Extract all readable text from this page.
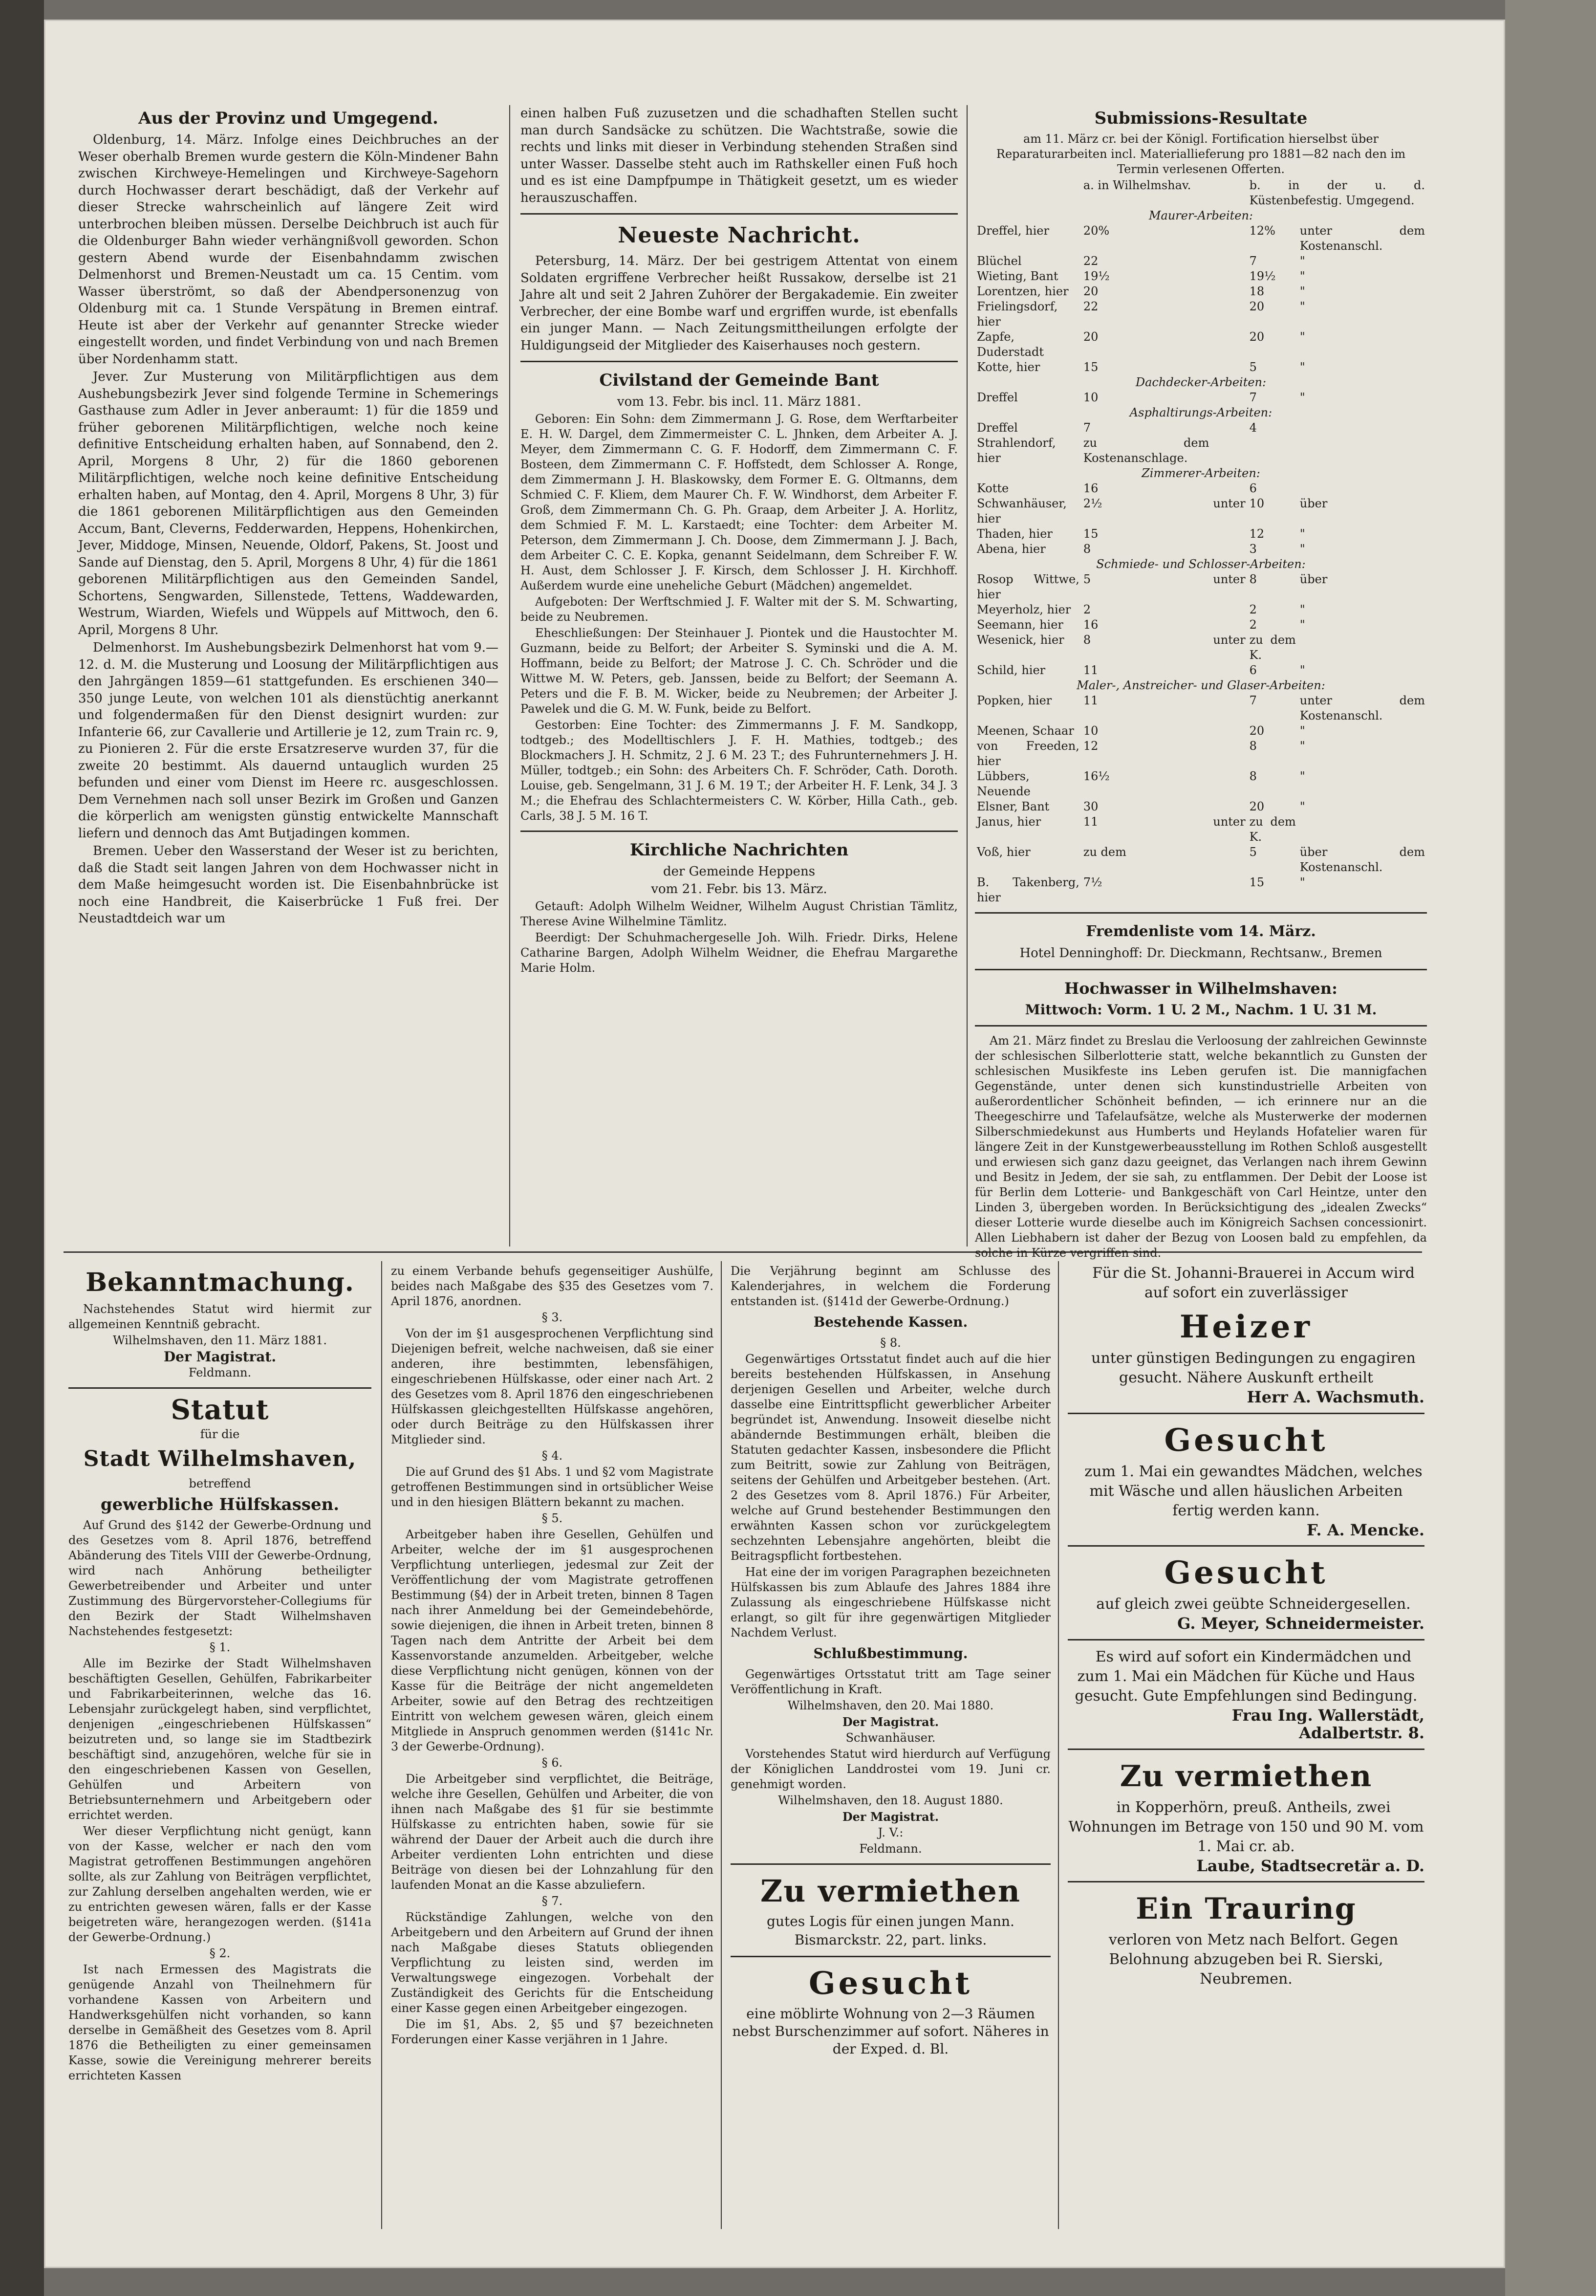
Aus der Provinz und Umgegend.

Oldenburg, 14. März. Infolge eines Deichbruches an der Weser oberhalb Bremen wurde gestern die Köln-Mindener Bahn zwischen Kirchweye-Hemelingen und Kirchweye-Sagehorn durch Hochwasser derart beschädigt, daß der Verkehr auf dieser Strecke wahrscheinlich auf längere Zeit wird unterbrochen bleiben müssen. Derselbe Deichbruch ist auch für die Oldenburger Bahn wieder verhängnißvoll geworden. Schon gestern Abend wurde der Eisenbahndamm zwischen Delmenhorst und Bremen-Neustadt um ca. 15 Centim. vom Wasser überströmt, so daß der Abendpersonenzug von Oldenburg mit ca. 1 Stunde Verspätung in Bremen eintraf. Heute ist aber der Verkehr auf genannter Strecke wieder eingestellt worden, und findet Verbindung von und nach Bremen über Nordenhamm statt.

Jever. Zur Musterung von Militärpflichtigen aus dem Aushebungsbezirk Jever sind folgende Termine in Schemerings Gasthause zum Adler in Jever anberaumt: 1) für die 1859 und früher geborenen Militärpflichtigen, welche noch keine definitive Entscheidung erhalten haben, auf Sonnabend, den 2. April, Morgens 8 Uhr, 2) für die 1860 geborenen Militärpflichtigen, welche noch keine definitive Entscheidung erhalten haben, auf Montag, den 4. April, Morgens 8 Uhr, 3) für die 1861 geborenen Militärpflichtigen aus den Gemeinden Accum, Bant, Cleverns, Fedderwarden, Heppens, Hohenkirchen, Jever, Middoge, Minsen, Neuende, Oldorf, Pakens, St. Joost und Sande auf Dienstag, den 5. April, Morgens 8 Uhr, 4) für die 1861 geborenen Militärpflichtigen aus den Gemeinden Sandel, Schortens, Sengwarden, Sillenstede, Tettens, Waddewarden, Westrum, Wiarden, Wiefels und Wüppels auf Mittwoch, den 6. April, Morgens 8 Uhr.

Delmenhorst. Im Aushebungsbezirk Delmenhorst hat vom 9.—12. d. M. die Musterung und Loosung der Militärpflichtigen aus den Jahrgängen 1859—61 stattgefunden. Es erschienen 340—350 junge Leute, von welchen 101 als dienstüchtig anerkannt und folgendermaßen für den Dienst designirt wurden: zur Infanterie 66, zur Cavallerie und Artillerie je 12, zum Train rc. 9, zu Pionieren 2. Für die erste Ersatzreserve wurden 37, für die zweite 20 bestimmt. Als dauernd untauglich wurden 25 befunden und einer vom Dienst im Heere rc. ausgeschlossen. Dem Vernehmen nach soll unser Bezirk im Großen und Ganzen die körperlich am wenigsten günstig entwickelte Mannschaft liefern und dennoch das Amt Butjadingen kommen.

Bremen. Ueber den Wasserstand der Weser ist zu berichten, daß die Stadt seit langen Jahren von dem Hochwasser nicht in dem Maße heimgesucht worden ist. Die Eisenbahnbrücke ist noch eine Handbreit, die Kaiserbrücke 1 Fuß frei. Der Neustadtdeich war um

einen halben Fuß zuzusetzen und die schadhaften Stellen sucht man durch Sandsäcke zu schützen. Die Wachtstraße, sowie die rechts und links mit dieser in Verbindung stehenden Straßen sind unter Wasser. Dasselbe steht auch im Rathskeller einen Fuß hoch und es ist eine Dampfpumpe in Thätigkeit gesetzt, um es wieder herauszuschaffen.

Neueste Nachricht.

Petersburg, 14. März. Der bei gestrigem Attentat von einem Soldaten ergriffene Verbrecher heißt Russakow, derselbe ist 21 Jahre alt und seit 2 Jahren Zuhörer der Bergakademie. Ein zweiter Verbrecher, der eine Bombe warf und ergriffen wurde, ist ebenfalls ein junger Mann. — Nach Zeitungsmittheilungen erfolgte der Huldigungseid der Mitglieder des Kaiserhauses noch gestern.

Civilstand der Gemeinde Bant

vom 13. Febr. bis incl. 11. März 1881.

Geboren: Ein Sohn: dem Zimmermann J. G. Rose, dem Werftarbeiter E. H. W. Dargel, dem Zimmermeister C. L. Jhnken, dem Arbeiter A. J. Meyer, dem Zimmermann C. G. F. Hodorff, dem Zimmermann C. F. Bosteen, dem Zimmermann C. F. Hoffstedt, dem Schlosser A. Ronge, dem Zimmermann J. H. Blaskowsky, dem Former E. G. Oltmanns, dem Schmied C. F. Kliem, dem Maurer Ch. F. W. Windhorst, dem Arbeiter F. Groß, dem Zimmermann Ch. G. Ph. Graap, dem Arbeiter J. A. Horlitz, dem Schmied F. M. L. Karstaedt; eine Tochter: dem Arbeiter M. Peterson, dem Zimmermann J. Ch. Doose, dem Zimmermann J. J. Bach, dem Arbeiter C. C. E. Kopka, genannt Seidelmann, dem Schreiber F. W. H. Aust, dem Schlosser J. F. Kirsch, dem Schlosser J. H. Kirchhoff. Außerdem wurde eine uneheliche Geburt (Mädchen) angemeldet.

Aufgeboten: Der Werftschmied J. F. Walter mit der S. M. Schwarting, beide zu Neubremen.

Eheschließungen: Der Steinhauer J. Piontek und die Haustochter M. Guzmann, beide zu Belfort; der Arbeiter S. Syminski und die A. M. Hoffmann, beide zu Belfort; der Matrose J. C. Ch. Schröder und die Wittwe M. W. Peters, geb. Janssen, beide zu Belfort; der Seemann A. Peters und die F. B. M. Wicker, beide zu Neubremen; der Arbeiter J. Pawelek und die G. M. W. Funk, beide zu Belfort.

Gestorben: Eine Tochter: des Zimmermanns J. F. M. Sandkopp, todtgeb.; des Modelltischlers J. F. H. Mathies, todtgeb.; des Blockmachers J. H. Schmitz, 2 J. 6 M. 23 T.; des Fuhrunternehmers J. H. Müller, todtgeb.; ein Sohn: des Arbeiters Ch. F. Schröder, Cath. Doroth. Louise, geb. Sengelmann, 31 J. 6 M. 19 T.; der Arbeiter H. F. Lenk, 34 J. 3 M.; die Ehefrau des Schlachtermeisters C. W. Körber, Hilla Cath., geb. Carls, 38 J. 5 M. 16 T.

Kirchliche Nachrichten

der Gemeinde Heppens

vom 21. Febr. bis 13. März.

Getauft: Adolph Wilhelm Weidner, Wilhelm August Christian Tämlitz, Therese Avine Wilhelmine Tämlitz.

Beerdigt: Der Schuhmachergeselle Joh. Wilh. Friedr. Dirks, Helene Catharine Bargen, Adolph Wilhelm Weidner, die Ehefrau Margarethe Marie Holm.

Submissions-Resultate

am 11. März cr. bei der Königl. Fortification hierselbst über Reparaturarbeiten incl. Materiallieferung pro 1881—82 nach den im Termin verlesenen Offerten.

	a. in Wilhelmshav.		b. in der u. d. Küstenbefestig. Umgegend.	
Maurer-Arbeiten:				
Dreffel, hier	20%		12%	unter dem Kostenanschl.
Blüchel	22		7	"
Wieting, Bant	19½		19½	"
Lorentzen, hier	20		18	"
Frielingsdorf, hier	22		20	"
Zapfe, Duderstadt	20		20	"
Kotte, hier	15		5	"
Dachdecker-Arbeiten:				
Dreffel	10		7	"
Asphaltirungs-Arbeiten:				
Dreffel	7		4	
Strahlendorf, hier	zu dem Kostenanschlage.			
Zimmerer-Arbeiten:				
Kotte	16		6	
Schwanhäuser, hier	2½	unter	10	über
Thaden, hier	15		12	"
Abena, hier	8		3	"
Schmiede- und Schlosser-Arbeiten:				
Rosop Wittwe, hier	5	unter	8	über
Meyerholz, hier	2		2	"
Seemann, hier	16		2	"
Wesenick, hier	8	unter	zu dem K.	
Schild, hier	11		6	"
Maler-, Anstreicher- und Glaser-Arbeiten:				
Popken, hier	11		7	unter dem Kostenanschl.
Meenen, Schaar	10		20	"
von Freeden, hier	12		8	"
Lübbers, Neuende	16½		8	"
Elsner, Bant	30		20	"
Janus, hier	11	unter	zu dem K.	
Voß, hier	zu dem		5	über dem Kostenanschl.
B. Takenberg, hier	7½		15	"
Fremdenliste vom 14. März.

Hotel Denninghoff: Dr. Dieckmann, Rechtsanw., Bremen

Hochwasser in Wilhelmshaven:

Mittwoch: Vorm. 1 U. 2 M., Nachm. 1 U. 31 M.

Am 21. März findet zu Breslau die Verloosung der zahlreichen Gewinnste der schlesischen Silberlotterie statt, welche bekanntlich zu Gunsten der schlesischen Musikfeste ins Leben gerufen ist. Die mannigfachen Gegenstände, unter denen sich kunstindustrielle Arbeiten von außerordentlicher Schönheit befinden, — ich erinnere nur an die Theegeschirre und Tafelaufsätze, welche als Musterwerke der modernen Silberschmiedekunst aus Humberts und Heylands Hofatelier waren für längere Zeit in der Kunstgewerbeausstellung im Rothen Schloß ausgestellt und erwiesen sich ganz dazu geeignet, das Verlangen nach ihrem Gewinn und Besitz in Jedem, der sie sah, zu entflammen. Der Debit der Loose ist für Berlin dem Lotterie- und Bankgeschäft von Carl Heintze, unter den Linden 3, übergeben worden. In Berücksichtigung des „idealen Zwecks“ dieser Lotterie wurde dieselbe auch im Königreich Sachsen concessionirt. Allen Liebhabern ist daher der Bezug von Loosen bald zu empfehlen, da solche in Kürze vergriffen sind.

Bekanntmachung.

Nachstehendes Statut wird hiermit zur allgemeinen Kenntniß gebracht.

Wilhelmshaven, den 11. März 1881.

Der Magistrat.

Feldmann.

Statut

für die

Stadt Wilhelmshaven,

betreffend

gewerbliche Hülfskassen.

Auf Grund des §142 der Gewerbe-Ordnung und des Gesetzes vom 8. April 1876, betreffend Abänderung des Titels VIII der Gewerbe-Ordnung, wird nach Anhörung betheiligter Gewerbetreibender und Arbeiter und unter Zustimmung des Bürgervorsteher-Collegiums für den Bezirk der Stadt Wilhelmshaven Nachstehendes festgesetzt:

§ 1.

Alle im Bezirke der Stadt Wilhelmshaven beschäftigten Gesellen, Gehülfen, Fabrikarbeiter und Fabrikarbeiterinnen, welche das 16. Lebensjahr zurückgelegt haben, sind verpflichtet, denjenigen „eingeschriebenen Hülfskassen“ beizutreten und, so lange sie im Stadtbezirk beschäftigt sind, anzugehören, welche für sie in den eingeschriebenen Kassen von Gesellen, Gehülfen und Arbeitern von Betriebsunternehmern und Arbeitgebern oder errichtet werden.

Wer dieser Verpflichtung nicht genügt, kann von der Kasse, welcher er nach den vom Magistrat getroffenen Bestimmungen angehören sollte, als zur Zahlung von Beiträgen verpflichtet, zur Zahlung derselben angehalten werden, wie er zu entrichten gewesen wären, falls er der Kasse beigetreten wäre, herangezogen werden. (§141a der Gewerbe-Ordnung.)

§ 2.

Ist nach Ermessen des Magistrats die genügende Anzahl von Theilnehmern für vorhandene Kassen von Arbeitern und Handwerksgehülfen nicht vorhanden, so kann derselbe in Gemäßheit des Gesetzes vom 8. April 1876 die Betheiligten zu einer gemeinsamen Kasse, sowie die Vereinigung mehrerer bereits errichteten Kassen

zu einem Verbande behufs gegenseitiger Aushülfe, beides nach Maßgabe des §35 des Gesetzes vom 7. April 1876, anordnen.

§ 3.

Von der im §1 ausgesprochenen Verpflichtung sind Diejenigen befreit, welche nachweisen, daß sie einer anderen, ihre bestimmten, lebensfähigen, eingeschriebenen Hülfskasse, oder einer nach Art. 2 des Gesetzes vom 8. April 1876 den eingeschriebenen Hülfskassen gleichgestellten Hülfskasse angehören, oder durch Beiträge zu den Hülfskassen ihrer Mitglieder sind.

§ 4.

Die auf Grund des §1 Abs. 1 und §2 vom Magistrate getroffenen Bestimmungen sind in ortsüblicher Weise und in den hiesigen Blättern bekannt zu machen.

§ 5.

Arbeitgeber haben ihre Gesellen, Gehülfen und Arbeiter, welche der im §1 ausgesprochenen Verpflichtung unterliegen, jedesmal zur Zeit der Veröffentlichung der vom Magistrate getroffenen Bestimmung (§4) der in Arbeit treten, binnen 8 Tagen nach ihrer Anmeldung bei der Gemeindebehörde, sowie diejenigen, die ihnen in Arbeit treten, binnen 8 Tagen nach dem Antritte der Arbeit bei dem Kassenvorstande anzumelden. Arbeitgeber, welche diese Verpflichtung nicht genügen, können von der Kasse für die Beiträge der nicht angemeldeten Arbeiter, sowie auf den Betrag des rechtzeitigen Eintritt von welchem gewesen wären, gleich einem Mitgliede in Anspruch genommen werden (§141c Nr. 3 der Gewerbe-Ordnung).

§ 6.

Die Arbeitgeber sind verpflichtet, die Beiträge, welche ihre Gesellen, Gehülfen und Arbeiter, die von ihnen nach Maßgabe des §1 für sie bestimmte Hülfskasse zu entrichten haben, sowie für sie während der Dauer der Arbeit auch die durch ihre Arbeiter verdienten Lohn entrichten und diese Beiträge von diesen bei der Lohnzahlung für den laufenden Monat an die Kasse abzuliefern.

§ 7.

Rückständige Zahlungen, welche von den Arbeitgebern und den Arbeitern auf Grund der ihnen nach Maßgabe dieses Statuts obliegenden Verpflichtung zu leisten sind, werden im Verwaltungswege eingezogen. Vorbehalt der Zuständigkeit des Gerichts für die Entscheidung einer Kasse gegen einen Arbeitgeber eingezogen.

Die im §1, Abs. 2, §5 und §7 bezeichneten Forderungen einer Kasse verjähren in 1 Jahre.

Die Verjährung beginnt am Schlusse des Kalenderjahres, in welchem die Forderung entstanden ist. (§141d der Gewerbe-Ordnung.)

Bestehende Kassen.

§ 8.

Gegenwärtiges Ortsstatut findet auch auf die hier bereits bestehenden Hülfskassen, in Ansehung derjenigen Gesellen und Arbeiter, welche durch dasselbe eine Eintrittspflicht gewerblicher Arbeiter begründet ist, Anwendung. Insoweit dieselbe nicht abändernde Bestimmungen erhält, bleiben die Statuten gedachter Kassen, insbesondere die Pflicht zum Beitritt, sowie zur Zahlung von Beiträgen, seitens der Gehülfen und Arbeitgeber bestehen. (Art. 2 des Gesetzes vom 8. April 1876.) Für Arbeiter, welche auf Grund bestehender Bestimmungen den erwähnten Kassen schon vor zurückgelegtem sechzehnten Lebensjahre angehörten, bleibt die Beitragspflicht fortbestehen.

Hat eine der im vorigen Paragraphen bezeichneten Hülfskassen bis zum Ablaufe des Jahres 1884 ihre Zulassung als eingeschriebene Hülfskasse nicht erlangt, so gilt für ihre gegenwärtigen Mitglieder Nachdem Verlust.

Schlußbestimmung.

Gegenwärtiges Ortsstatut tritt am Tage seiner Veröffentlichung in Kraft.

Wilhelmshaven, den 20. Mai 1880.

Der Magistrat.

Schwanhäuser.

Vorstehendes Statut wird hierdurch auf Verfügung der Königlichen Landdrostei vom 19. Juni cr. genehmigt worden.

Wilhelmshaven, den 18. August 1880.

Der Magistrat.

J. V.:

Feldmann.

Zu vermiethen

gutes Logis für einen jungen Mann.

Bismarckstr. 22, part. links.

Gesucht

eine möblirte Wohnung von 2—3 Räumen nebst Burschenzimmer auf sofort. Näheres in der Exped. d. Bl.

Für die St. Johanni-Brauerei in Accum wird auf sofort ein zuverlässiger

Heizer

unter günstigen Bedingungen zu engagiren gesucht. Nähere Auskunft ertheilt

Herr A. Wachsmuth.

Gesucht

zum 1. Mai ein gewandtes Mädchen, welches mit Wäsche und allen häuslichen Arbeiten fertig werden kann.

F. A. Mencke.

Gesucht

auf gleich zwei geübte Schneidergesellen.

G. Meyer, Schneidermeister.

Es wird auf sofort ein Kindermädchen und zum 1. Mai ein Mädchen für Küche und Haus gesucht. Gute Empfehlungen sind Bedingung.

Frau Ing. Wallerstädt,

Adalbertstr. 8.

Zu vermiethen

in Kopperhörn, preuß. Antheils, zwei Wohnungen im Betrage von 150 und 90 M. vom 1. Mai cr. ab.

Laube, Stadtsecretär a. D.

Ein Trauring

verloren von Metz nach Belfort. Gegen Belohnung abzugeben bei R. Sierski, Neubremen.
